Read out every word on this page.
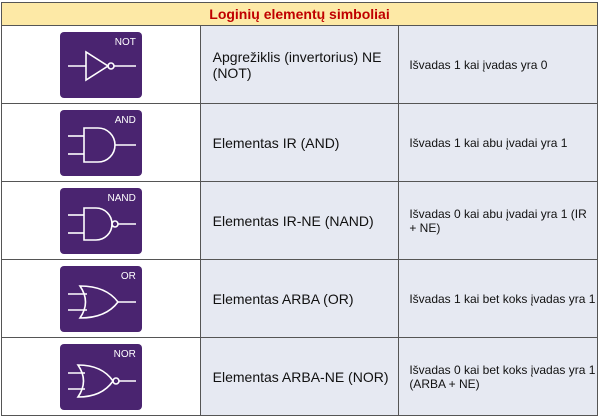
Loginių elementų simboliai		

NOT	Apgrežiklis (invertorius) NE (NOT)	Išvadas 1 kai įvadas yra 0

AND	Elementas IR (AND)	Išvadas 1 kai abu įvadai yra 1

NAND	Elementas IR-NE (NAND)	Išvadas 0 kai abu įvadai yra 1 (IR + NE)

OR	Elementas ARBA (OR)	Išvadas 1 kai bet koks įvadas yra 1

NOR	Elementas ARBA-NE (NOR)	Išvadas 0 kai bet koks įvadas yra 1 (ARBA + NE)
